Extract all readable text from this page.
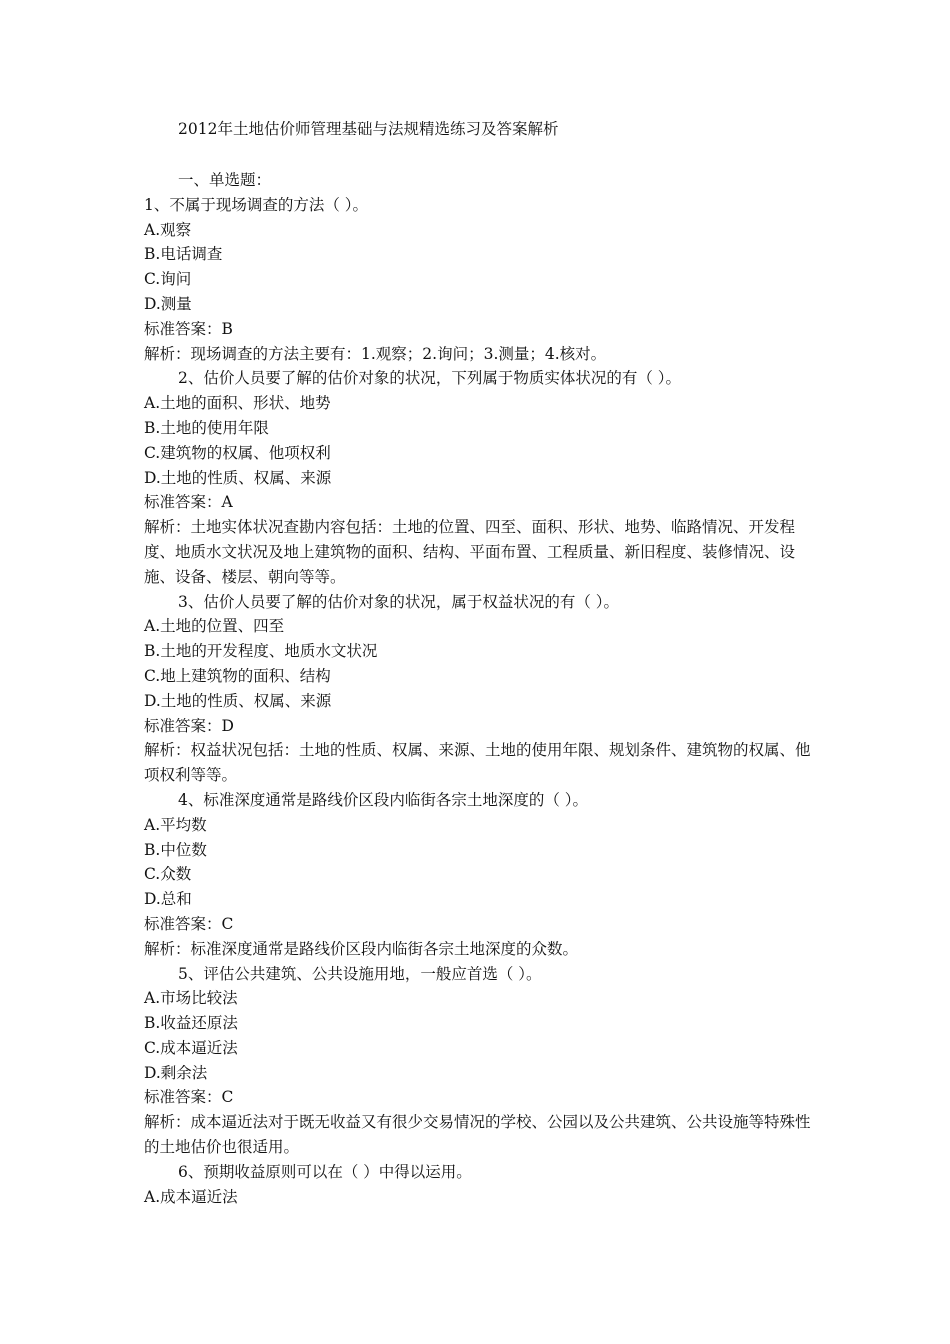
2012年土地估价师管理基础与法规精选练习及答案解析
一、单选题：
1、不属于现场调查的方法（ ）。
A.观察
B.电话调查
C.询问
D.测量
标准答案：B
解析：现场调查的方法主要有：1.观察；2.询问；3.测量；4.核对。
2、估价人员要了解的估价对象的状况，下列属于物质实体状况的有（ ）。
A.土地的面积、形状、地势
B.土地的使用年限
C.建筑物的权属、他项权利
D.土地的性质、权属、来源
标准答案：A
解析：土地实体状况查勘内容包括：土地的位置、四至、面积、形状、地势、临路情况、开发程度、地质水文状况及地上建筑物的面积、结构、平面布置、工程质量、新旧程度、装修情况、设施、设备、楼层、朝向等等。
3、估价人员要了解的估价对象的状况，属于权益状况的有（ ）。
A.土地的位置、四至
B.土地的开发程度、地质水文状况
C.地上建筑物的面积、结构
D.土地的性质、权属、来源
标准答案：D
解析：权益状况包括：土地的性质、权属、来源、土地的使用年限、规划条件、建筑物的权属、他项权利等等。
4、标准深度通常是路线价区段内临街各宗土地深度的（ ）。
A.平均数
B.中位数
C.众数
D.总和
标准答案：C
解析：标准深度通常是路线价区段内临街各宗土地深度的众数。
5、评估公共建筑、公共设施用地，一般应首选（ ）。
A.市场比较法
B.收益还原法
C.成本逼近法
D.剩余法
标准答案：C
解析：成本逼近法对于既无收益又有很少交易情况的学校、公园以及公共建筑、公共设施等特殊性的土地估价也很适用。
6、预期收益原则可以在（ ）中得以运用。
A.成本逼近法
